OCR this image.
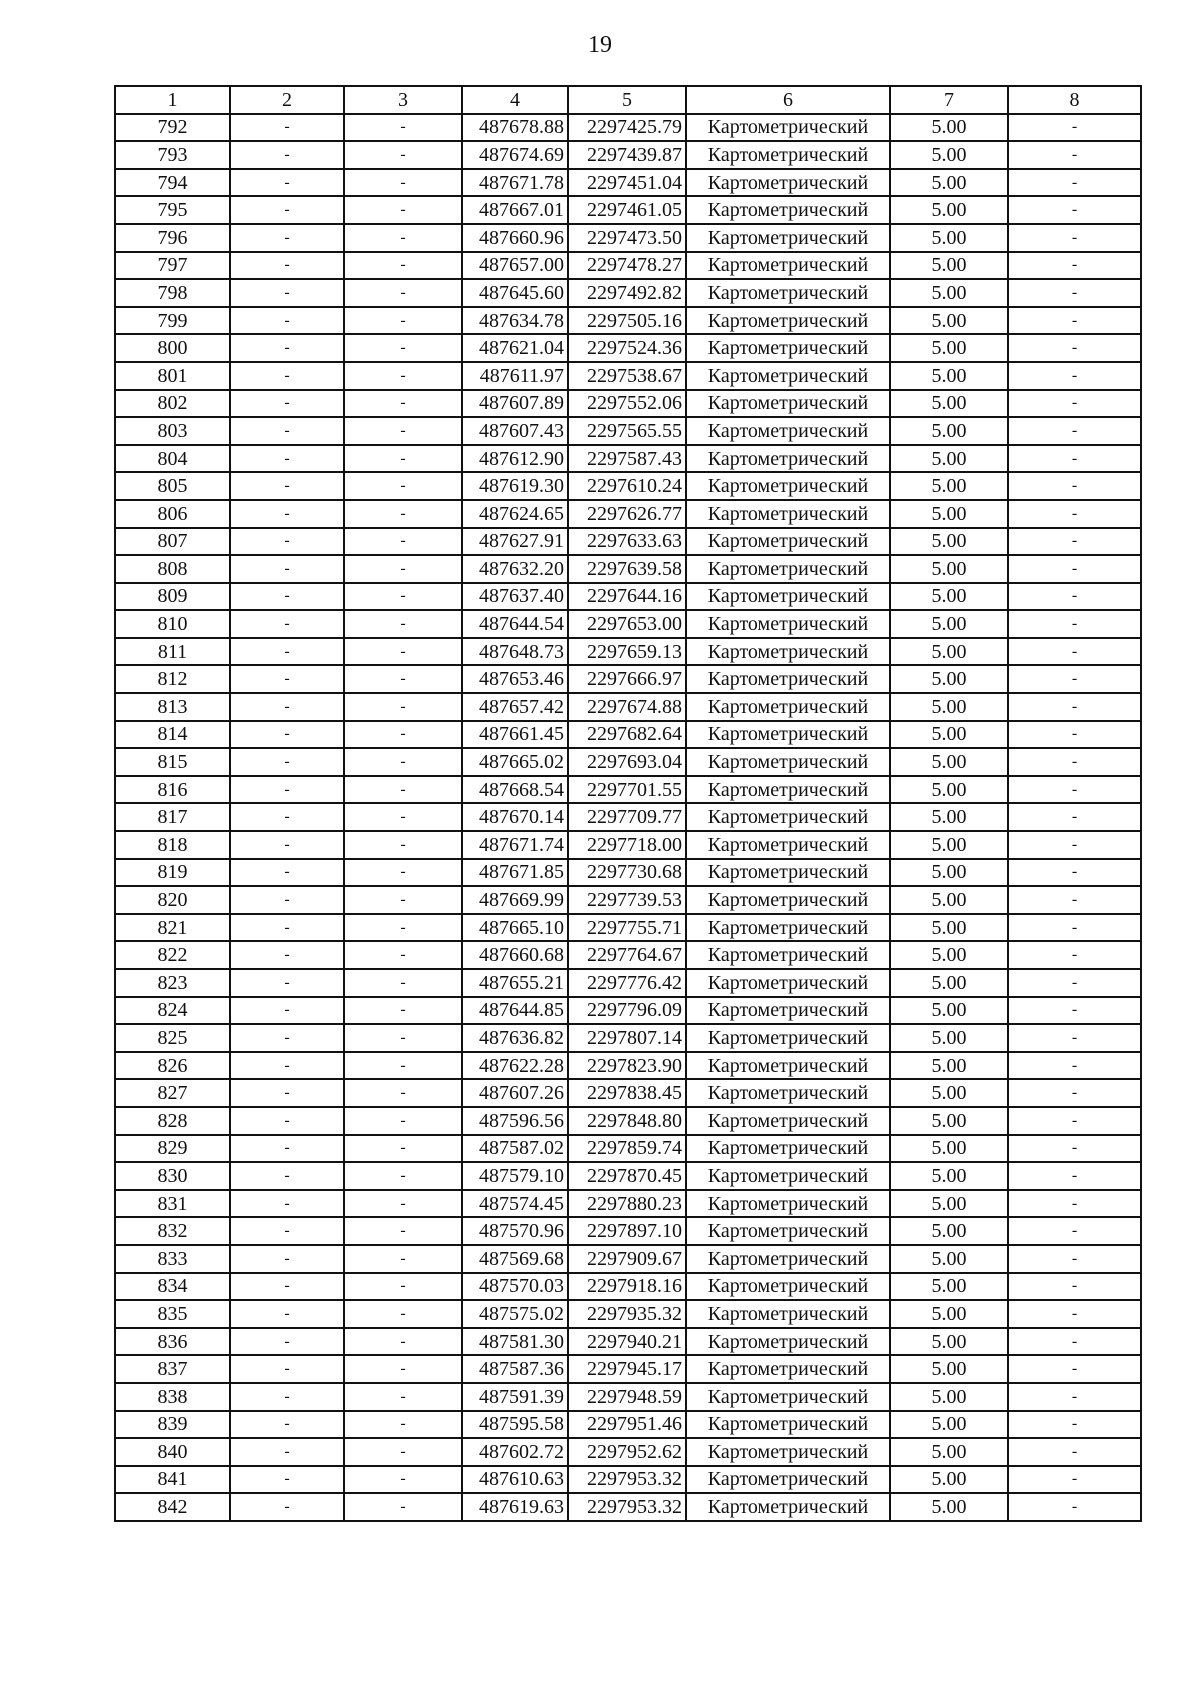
19
1	2	3	4	5	6	7	8
792	-	-	487678.88	2297425.79	Картометрический	5.00	-
793	-	-	487674.69	2297439.87	Картометрический	5.00	-
794	-	-	487671.78	2297451.04	Картометрический	5.00	-
795	-	-	487667.01	2297461.05	Картометрический	5.00	-
796	-	-	487660.96	2297473.50	Картометрический	5.00	-
797	-	-	487657.00	2297478.27	Картометрический	5.00	-
798	-	-	487645.60	2297492.82	Картометрический	5.00	-
799	-	-	487634.78	2297505.16	Картометрический	5.00	-
800	-	-	487621.04	2297524.36	Картометрический	5.00	-
801	-	-	487611.97	2297538.67	Картометрический	5.00	-
802	-	-	487607.89	2297552.06	Картометрический	5.00	-
803	-	-	487607.43	2297565.55	Картометрический	5.00	-
804	-	-	487612.90	2297587.43	Картометрический	5.00	-
805	-	-	487619.30	2297610.24	Картометрический	5.00	-
806	-	-	487624.65	2297626.77	Картометрический	5.00	-
807	-	-	487627.91	2297633.63	Картометрический	5.00	-
808	-	-	487632.20	2297639.58	Картометрический	5.00	-
809	-	-	487637.40	2297644.16	Картометрический	5.00	-
810	-	-	487644.54	2297653.00	Картометрический	5.00	-
811	-	-	487648.73	2297659.13	Картометрический	5.00	-
812	-	-	487653.46	2297666.97	Картометрический	5.00	-
813	-	-	487657.42	2297674.88	Картометрический	5.00	-
814	-	-	487661.45	2297682.64	Картометрический	5.00	-
815	-	-	487665.02	2297693.04	Картометрический	5.00	-
816	-	-	487668.54	2297701.55	Картометрический	5.00	-
817	-	-	487670.14	2297709.77	Картометрический	5.00	-
818	-	-	487671.74	2297718.00	Картометрический	5.00	-
819	-	-	487671.85	2297730.68	Картометрический	5.00	-
820	-	-	487669.99	2297739.53	Картометрический	5.00	-
821	-	-	487665.10	2297755.71	Картометрический	5.00	-
822	-	-	487660.68	2297764.67	Картометрический	5.00	-
823	-	-	487655.21	2297776.42	Картометрический	5.00	-
824	-	-	487644.85	2297796.09	Картометрический	5.00	-
825	-	-	487636.82	2297807.14	Картометрический	5.00	-
826	-	-	487622.28	2297823.90	Картометрический	5.00	-
827	-	-	487607.26	2297838.45	Картометрический	5.00	-
828	-	-	487596.56	2297848.80	Картометрический	5.00	-
829	-	-	487587.02	2297859.74	Картометрический	5.00	-
830	-	-	487579.10	2297870.45	Картометрический	5.00	-
831	-	-	487574.45	2297880.23	Картометрический	5.00	-
832	-	-	487570.96	2297897.10	Картометрический	5.00	-
833	-	-	487569.68	2297909.67	Картометрический	5.00	-
834	-	-	487570.03	2297918.16	Картометрический	5.00	-
835	-	-	487575.02	2297935.32	Картометрический	5.00	-
836	-	-	487581.30	2297940.21	Картометрический	5.00	-
837	-	-	487587.36	2297945.17	Картометрический	5.00	-
838	-	-	487591.39	2297948.59	Картометрический	5.00	-
839	-	-	487595.58	2297951.46	Картометрический	5.00	-
840	-	-	487602.72	2297952.62	Картометрический	5.00	-
841	-	-	487610.63	2297953.32	Картометрический	5.00	-
842	-	-	487619.63	2297953.32	Картометрический	5.00	-
